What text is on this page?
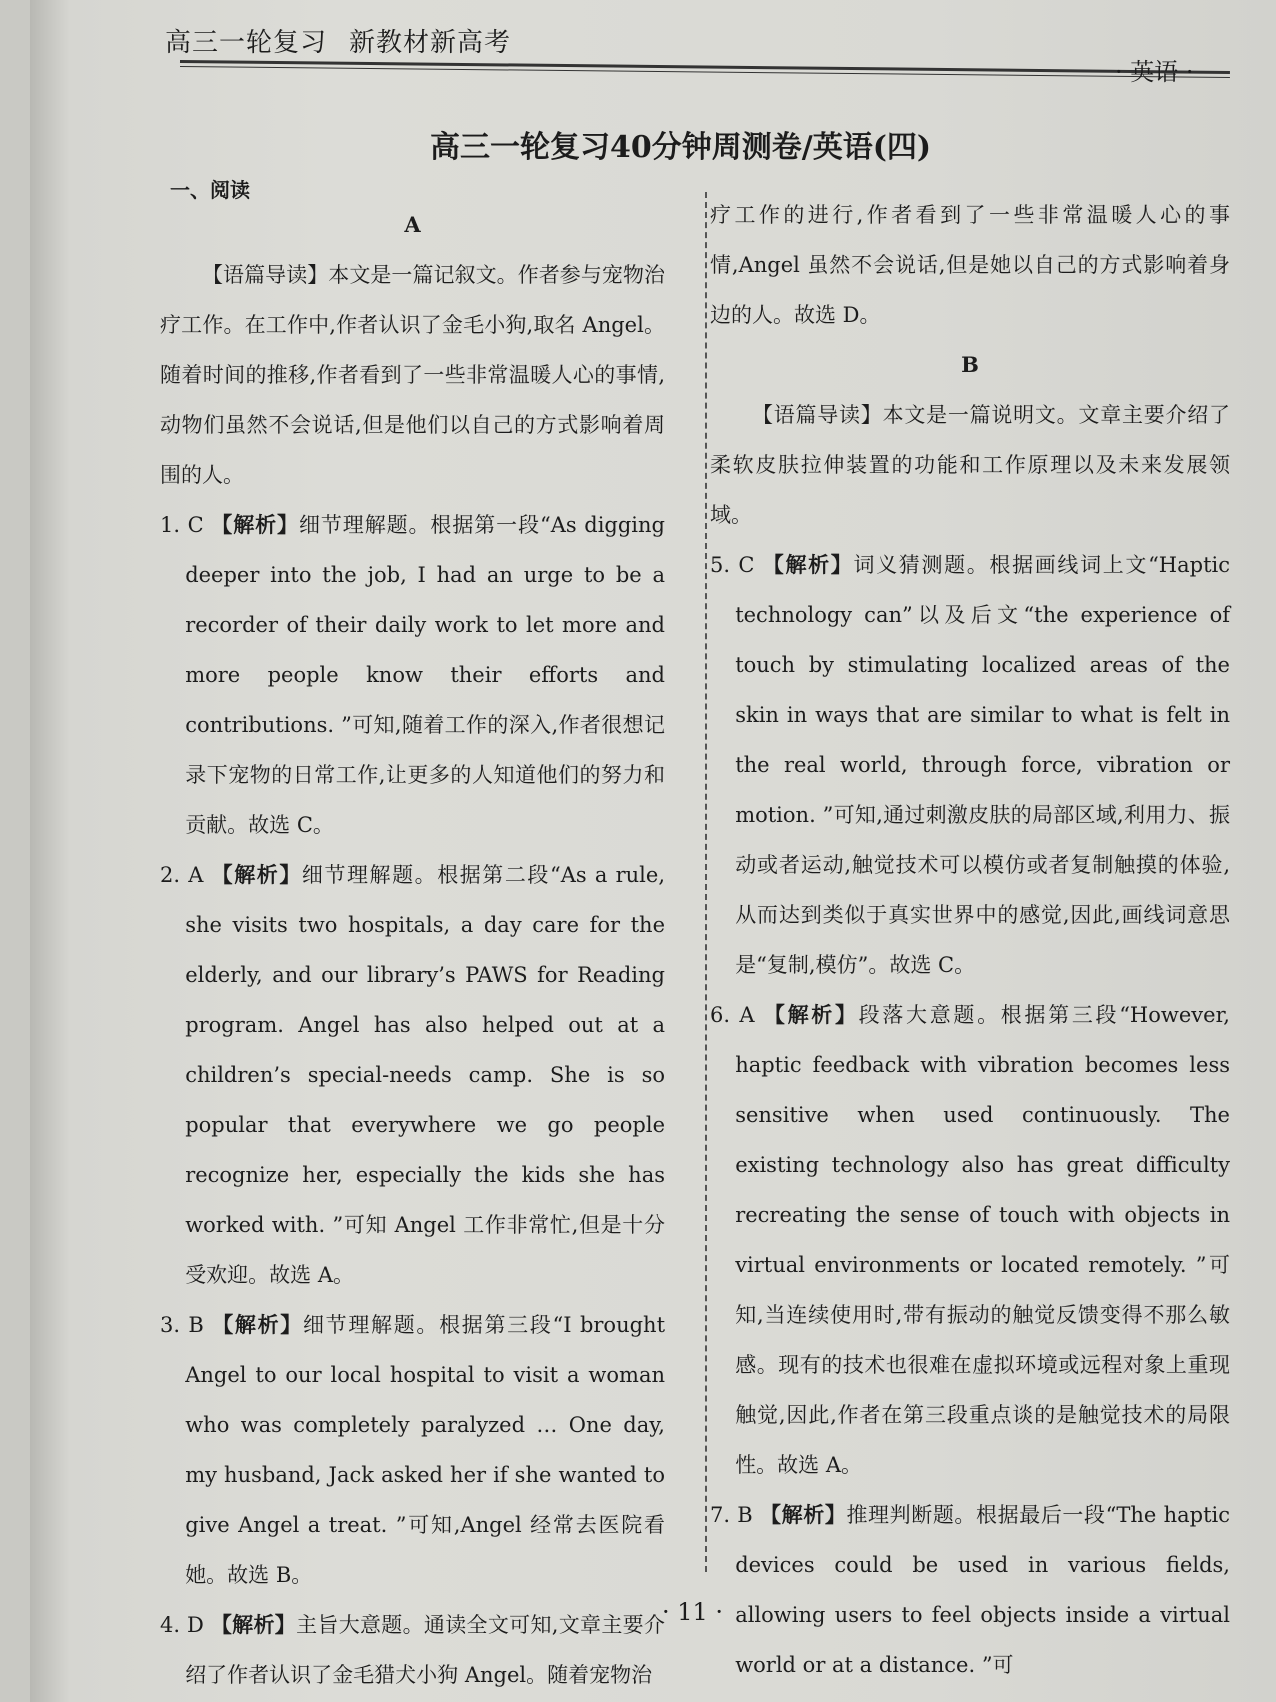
高三一轮复习 新教材新高考
· 英语 ·
高三一轮复习40分钟周测卷/英语(四)
一、阅读

A

【语篇导读】本文是一篇记叙文。作者参与宠物治疗工作。在工作中,作者认识了金毛小狗,取名 Angel。随着时间的推移,作者看到了一些非常温暖人心的事情,动物们虽然不会说话,但是他们以自己的方式影响着周围的人。

1. C 【解析】细节理解题。根据第一段“As digging deeper into the job, I had an urge to be a recorder of their daily work to let more and more people know their efforts and contributions. ”可知,随着工作的深入,作者很想记录下宠物的日常工作,让更多的人知道他们的努力和贡献。故选 C。

2. A 【解析】细节理解题。根据第二段“As a rule, she visits two hospitals, a day care for the elderly, and our library’s PAWS for Reading program. Angel has also helped out at a children’s special-needs camp. She is so popular that everywhere we go people recognize her, especially the kids she has worked with. ”可知 Angel 工作非常忙,但是十分受欢迎。故选 A。

3. B 【解析】细节理解题。根据第三段“I brought Angel to our local hospital to visit a woman who was completely paralyzed … One day, my husband, Jack asked her if she wanted to give Angel a treat. ”可知,Angel 经常去医院看她。故选 B。

4. D 【解析】主旨大意题。通读全文可知,文章主要介绍了作者认识了金毛猎犬小狗 Angel。随着宠物治

疗工作的进行,作者看到了一些非常温暖人心的事情,Angel 虽然不会说话,但是她以自己的方式影响着身边的人。故选 D。

B

【语篇导读】本文是一篇说明文。文章主要介绍了柔软皮肤拉伸装置的功能和工作原理以及未来发展领域。

5. C 【解析】词义猜测题。根据画线词上文“Haptic technology can”以及后文“the experience of touch by stimulating localized areas of the skin in ways that are similar to what is felt in the real world, through force, vibration or motion. ”可知,通过刺激皮肤的局部区域,利用力、振动或者运动,触觉技术可以模仿或者复制触摸的体验,从而达到类似于真实世界中的感觉,因此,画线词意思是“复制,模仿”。故选 C。

6. A 【解析】段落大意题。根据第三段“However, haptic feedback with vibration becomes less sensitive when used continuously. The existing technology also has great difficulty recreating the sense of touch with objects in virtual environments or located remotely. ”可知,当连续使用时,带有振动的触觉反馈变得不那么敏感。现有的技术也很难在虚拟环境或远程对象上重现触觉,因此,作者在第三段重点谈的是触觉技术的局限性。故选 A。

7. B 【解析】推理判断题。根据最后一段“The haptic devices could be used in various fields, allowing users to feel objects inside a virtual world or at a distance. ”可

· 11 ·
